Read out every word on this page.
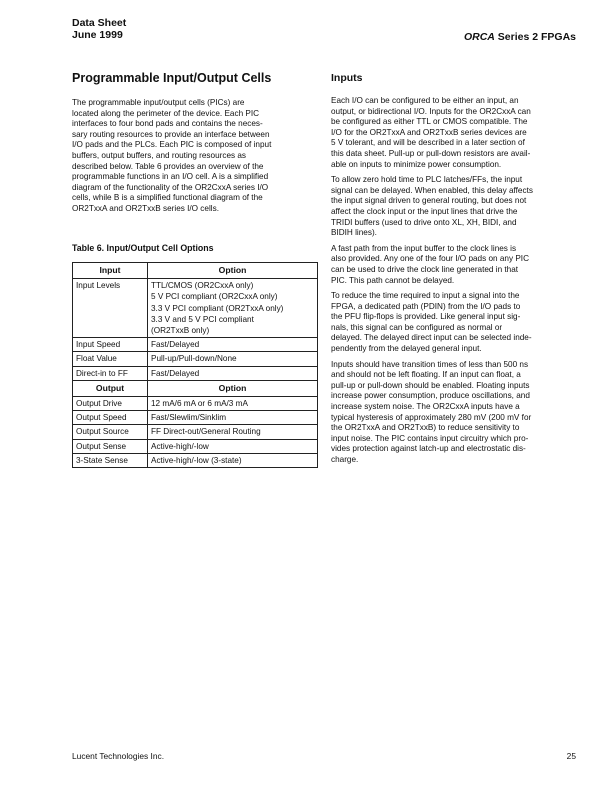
Data Sheet
June 1999	ORCA Series 2 FPGAs
Programmable Input/Output Cells
The programmable input/output cells (PICs) are
located along the perimeter of the device. Each PIC
interfaces to four bond pads and contains the neces-
sary routing resources to provide an interface between
I/O pads and the PLCs. Each PIC is composed of input
buffers, output buffers, and routing resources as
described below. Table 6 provides an overview of the
programmable functions in an I/O cell. A is a simplified
diagram of the functionality of the OR2CxxA series I/O
cells, while B is a simplified functional diagram of the
OR2TxxA and OR2TxxB series I/O cells.
Table 6. Input/Output Cell Options
Input	Option
Input Levels	TTL/CMOS (OR2CxxA only)
5 V PCI compliant (OR2CxxA only)
3.3 V PCI compliant (OR2TxxA only)
3.3 V and 5 V PCI compliant
(OR2TxxB only)

Input Speed	Fast/Delayed

Float Value	Pull-up/Pull-down/None

Direct-in to FF	Fast/Delayed

Output	Option
Output Drive	12 mA/6 mA or 6 mA/3 mA

Output Speed	Fast/Slewlim/Sinklim

Output Source	FF Direct-out/General Routing

Output Sense	Active-high/-low

3-State Sense	Active-high/-low (3-state)
Inputs
Each I/O can be configured to be either an input, an
output, or bidirectional I/O. Inputs for the OR2CxxA can
be configured as either TTL or CMOS compatible. The
I/O for the OR2TxxA and OR2TxxB series devices are
5 V tolerant, and will be described in a later section of
this data sheet. Pull-up or pull-down resistors are avail-
able on inputs to minimize power consumption.
To allow zero hold time to PLC latches/FFs, the input
signal can be delayed. When enabled, this delay affects
the input signal driven to general routing, but does not
affect the clock input or the input lines that drive the
TRIDI buffers (used to drive onto XL, XH, BIDI, and
BIDIH lines).
A fast path from the input buffer to the clock lines is
also provided. Any one of the four I/O pads on any PIC
can be used to drive the clock line generated in that
PIC. This path cannot be delayed.
To reduce the time required to input a signal into the
FPGA, a dedicated path (PDIN) from the I/O pads to
the PFU flip-flops is provided. Like general input sig-
nals, this signal can be configured as normal or
delayed. The delayed direct input can be selected inde-
pendently from the delayed general input.
Inputs should have transition times of less than 500 ns
and should not be left floating. If an input can float, a
pull-up or pull-down should be enabled. Floating inputs
increase power consumption, produce oscillations, and
increase system noise. The OR2CxxA inputs have a
typical hysteresis of approximately 280 mV (200 mV for
the OR2TxxA and OR2TxxB) to reduce sensitivity to
input noise. The PIC contains input circuitry which pro-
vides protection against latch-up and electrostatic dis-
charge.
Lucent Technologies Inc.	25
